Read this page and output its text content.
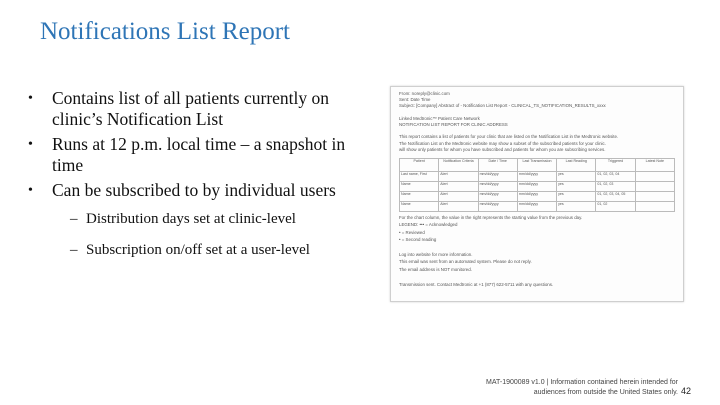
Notifications List Report
• Contains list of all patients currently on clinic’s Notification List
• Runs at 12 p.m. local time – a snapshot in time
• Can be subscribed to by individual users
– Distribution days set at clinic-level
– Subscription on/off set at a user-level
Patient	Notification Criteria	Date / Time	Last Transmission	Last Reading	Triggered	Latest Note
Last name, First	Alert	mm/dd/yyyy	mm/dd/yyyy	yes	01, 02, 03, 04	
Name	Alert	mm/dd/yyyy	mm/dd/yyyy	yes	01, 02, 03	
Name	Alert	mm/dd/yyyy	mm/dd/yyyy	yes	01, 02, 03, 04, 05	
Name	Alert	mm/dd/yyyy	mm/dd/yyyy	yes	01, 02	
From: noreply@clinic.com
Sent: Date Time
Subject: [Company] Abstract of - Notification List Report - CLINICAL_TS_NOTIFICATION_RESULTS_xxxx
Linked Medtronic™ Patient Care Network
NOTIFICATION LIST REPORT FOR CLINIC ADDRESS
This report contains a list of patients for your clinic that are listed on the Notification List in the Medtronic website.
The Notification List on the Medtronic website may show a subset of the subscribed patients for your clinic.
will show only patients for whom you have subscribed and patients for whom you are subscribing services.
For the chart column, the value in the right represents the starting value from the previous day.
LEGEND: ••• = Acknowledged
• = Reviewed
• = Second reading
Log into website for more information.
This email was sent from an automated system. Please do not reply.
The email address is NOT monitored.
Transmission sent. Contact Medtronic at +1 (877) 622-5711 with any questions.
MAT-1900089 v1.0 | Information contained herein intended for
audiences from outside the United States only. 42
